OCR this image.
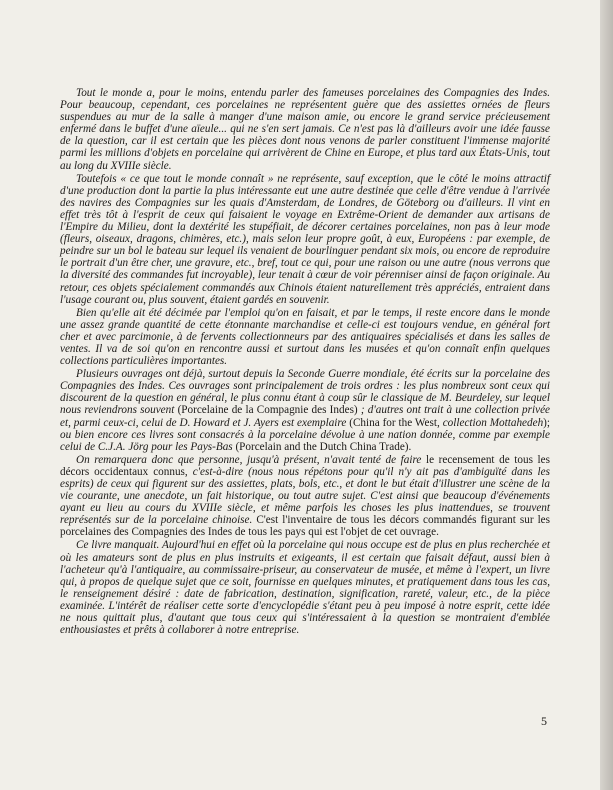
Tout le monde a, pour le moins, entendu parler des fameuses porcelaines des Compagnies des Indes. Pour beaucoup, cependant, ces porcelaines ne représentent guère que des assiettes ornées de fleurs suspendues au mur de la salle à manger d'une maison amie, ou encore le grand service précieusement enfermé dans le buffet d'une aïeule... qui ne s'en sert jamais. Ce n'est pas là d'ailleurs avoir une idée fausse de la question, car il est certain que les pièces dont nous venons de parler constituent l'immense majorité parmi les millions d'objets en porcelaine qui arrivèrent de Chine en Europe, et plus tard aux États-Unis, tout au long du XVIIIe siècle.

Toutefois « ce que tout le monde connaît » ne représente, sauf exception, que le côté le moins attractif d'une production dont la partie la plus intéressante eut une autre destinée que celle d'être vendue à l'arrivée des navires des Compagnies sur les quais d'Amsterdam, de Londres, de Göteborg ou d'ailleurs. Il vint en effet très tôt à l'esprit de ceux qui faisaient le voyage en Extrême-Orient de demander aux artisans de l'Empire du Milieu, dont la dextérité les stupéfiait, de décorer certaines porcelaines, non pas à leur mode (fleurs, oiseaux, dragons, chimères, etc.), mais selon leur propre goût, à eux, Européens : par exemple, de peindre sur un bol le bateau sur lequel ils venaient de bourlinguer pendant six mois, ou encore de reproduire le portrait d'un être cher, une gravure, etc., bref, tout ce qui, pour une raison ou une autre (nous verrons que la diversité des commandes fut incroyable), leur tenait à cœur de voir pérenniser ainsi de façon originale. Au retour, ces objets spécialement commandés aux Chinois étaient naturellement très appréciés, entraient dans l'usage courant ou, plus souvent, étaient gardés en souvenir.

Bien qu'elle ait été décimée par l'emploi qu'on en faisait, et par le temps, il reste encore dans le monde une assez grande quantité de cette étonnante marchandise et celle-ci est toujours vendue, en général fort cher et avec parcimonie, à de fervents collectionneurs par des antiquaires spécialisés et dans les salles de ventes. Il va de soi qu'on en rencontre aussi et surtout dans les musées et qu'on connaît enfin quelques collections particulières importantes.

Plusieurs ouvrages ont déjà, surtout depuis la Seconde Guerre mondiale, été écrits sur la porcelaine des Compagnies des Indes. Ces ouvrages sont principalement de trois ordres : les plus nombreux sont ceux qui discourent de la question en général, le plus connu étant à coup sûr le classique de M. Beurdeley, sur lequel nous reviendrons souvent (Porcelaine de la Compagnie des Indes) ; d'autres ont trait à une collection privée et, parmi ceux-ci, celui de D. Howard et J. Ayers est exemplaire (China for the West, collection Mottahedeh); ou bien encore ces livres sont consacrés à la porcelaine dévolue à une nation donnée, comme par exemple celui de C.J.A. Jörg pour les Pays-Bas (Porcelain and the Dutch China Trade).

On remarquera donc que personne, jusqu'à présent, n'avait tenté de faire le recensement de tous les décors occidentaux connus, c'est-à-dire (nous nous répétons pour qu'il n'y ait pas d'ambiguïté dans les esprits) de ceux qui figurent sur des assiettes, plats, bols, etc., et dont le but était d'illustrer une scène de la vie courante, une anecdote, un fait historique, ou tout autre sujet. C'est ainsi que beaucoup d'événements ayant eu lieu au cours du XVIIIe siècle, et même parfois les choses les plus inattendues, se trouvent représentés sur de la porcelaine chinoise. C'est l'inventaire de tous les décors commandés figurant sur les porcelaines des Compagnies des Indes de tous les pays qui est l'objet de cet ouvrage.

Ce livre manquait. Aujourd'hui en effet où la porcelaine qui nous occupe est de plus en plus recherchée et où les amateurs sont de plus en plus instruits et exigeants, il est certain que faisait défaut, aussi bien à l'acheteur qu'à l'antiquaire, au commissaire-priseur, au conservateur de musée, et même à l'expert, un livre qui, à propos de quelque sujet que ce soit, fournisse en quelques minutes, et pratiquement dans tous les cas, le renseignement désiré : date de fabrication, destination, signification, rareté, valeur, etc., de la pièce examinée. L'intérêt de réaliser cette sorte d'encyclopédie s'étant peu à peu imposé à notre esprit, cette idée ne nous quittait plus, d'autant que tous ceux qui s'intéressaient à la question se montraient d'emblée enthousiastes et prêts à collaborer à notre entreprise.

5
